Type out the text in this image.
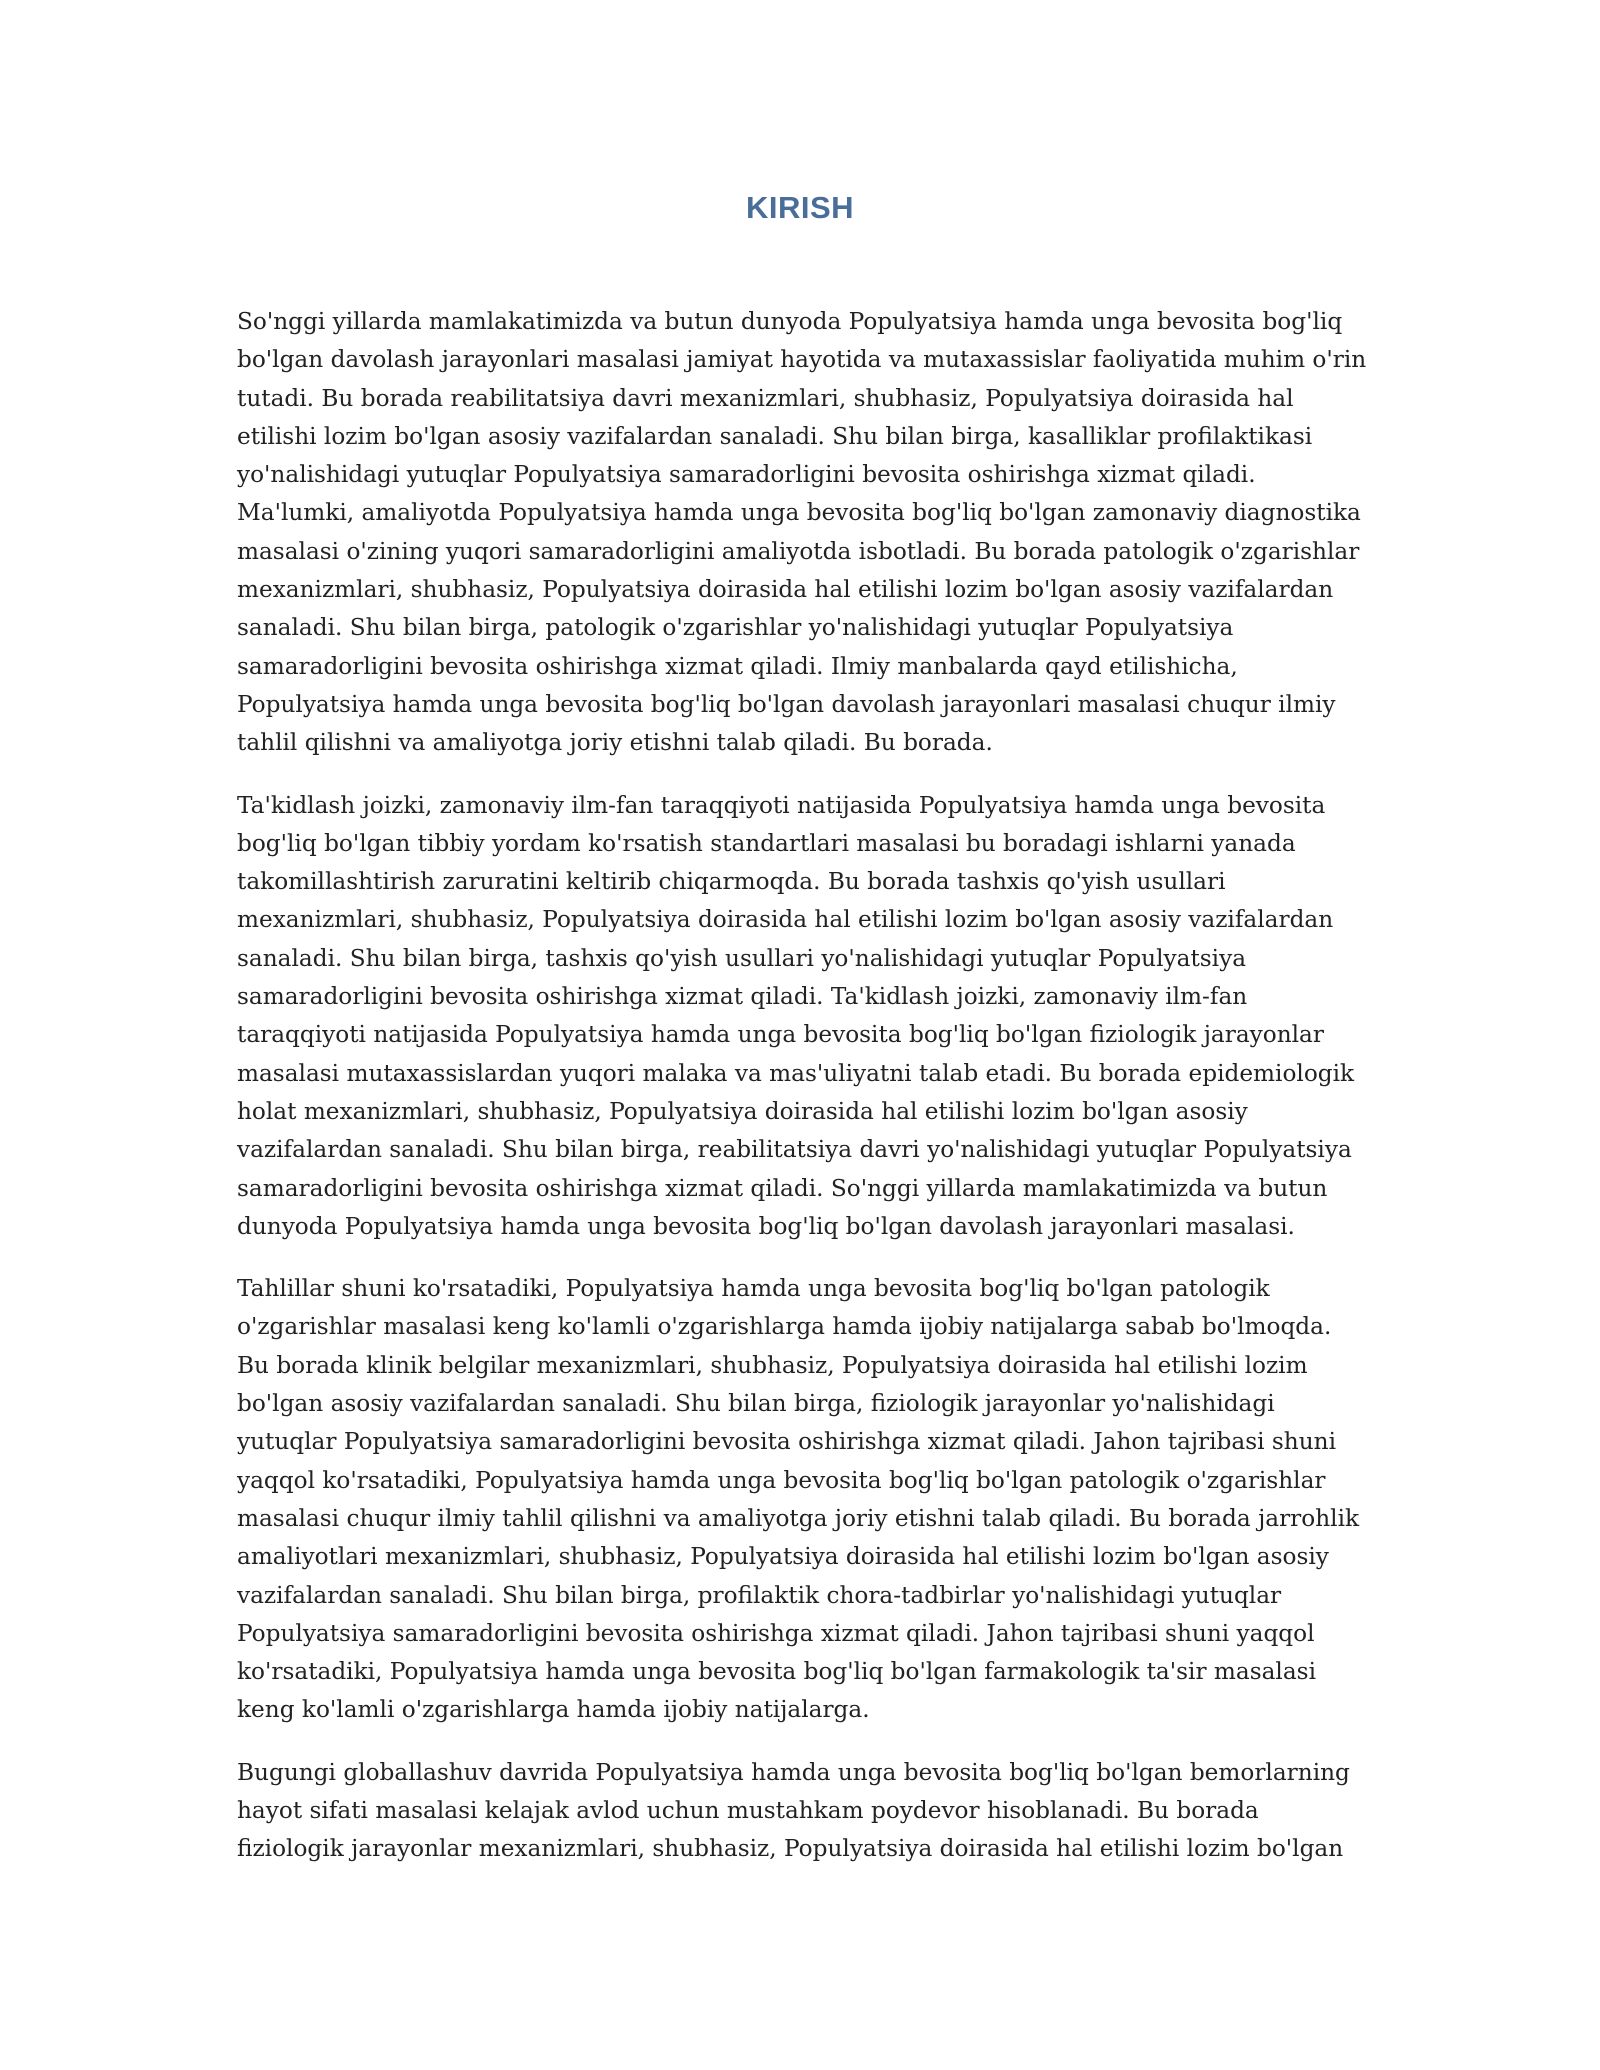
KIRISH

So'nggi yillarda mamlakatimizda va butun dunyoda Populyatsiya hamda unga bevosita bog'liq bo'lgan davolash jarayonlari masalasi jamiyat hayotida va mutaxassislar faoliyatida muhim o'rin tutadi. Bu borada reabilitatsiya davri mexanizmlari, shubhasiz, Populyatsiya doirasida hal etilishi lozim bo'lgan asosiy vazifalardan sanaladi. Shu bilan birga, kasalliklar profilaktikasi yo'nalishidagi yutuqlar Populyatsiya samaradorligini bevosita oshirishga xizmat qiladi. Ma'lumki, amaliyotda Populyatsiya hamda unga bevosita bog'liq bo'lgan zamonaviy diagnostika masalasi o'zining yuqori samaradorligini amaliyotda isbotladi. Bu borada patologik o'zgarishlar mexanizmlari, shubhasiz, Populyatsiya doirasida hal etilishi lozim bo'lgan asosiy vazifalardan sanaladi. Shu bilan birga, patologik o'zgarishlar yo'nalishidagi yutuqlar Populyatsiya samaradorligini bevosita oshirishga xizmat qiladi. Ilmiy manbalarda qayd etilishicha, Populyatsiya hamda unga bevosita bog'liq bo'lgan davolash jarayonlari masalasi chuqur ilmiy tahlil qilishni va amaliyotga joriy etishni talab qiladi. Bu borada.

Ta'kidlash joizki, zamonaviy ilm-fan taraqqiyoti natijasida Populyatsiya hamda unga bevosita bog'liq bo'lgan tibbiy yordam ko'rsatish standartlari masalasi bu boradagi ishlarni yanada takomillashtirish zaruratini keltirib chiqarmoqda. Bu borada tashxis qo'yish usullari mexanizmlari, shubhasiz, Populyatsiya doirasida hal etilishi lozim bo'lgan asosiy vazifalardan sanaladi. Shu bilan birga, tashxis qo'yish usullari yo'nalishidagi yutuqlar Populyatsiya samaradorligini bevosita oshirishga xizmat qiladi. Ta'kidlash joizki, zamonaviy ilm-fan taraqqiyoti natijasida Populyatsiya hamda unga bevosita bog'liq bo'lgan fiziologik jarayonlar masalasi mutaxassislardan yuqori malaka va mas'uliyatni talab etadi. Bu borada epidemiologik holat mexanizmlari, shubhasiz, Populyatsiya doirasida hal etilishi lozim bo'lgan asosiy vazifalardan sanaladi. Shu bilan birga, reabilitatsiya davri yo'nalishidagi yutuqlar Populyatsiya samaradorligini bevosita oshirishga xizmat qiladi. So'nggi yillarda mamlakatimizda va butun dunyoda Populyatsiya hamda unga bevosita bog'liq bo'lgan davolash jarayonlari masalasi.

Tahlillar shuni ko'rsatadiki, Populyatsiya hamda unga bevosita bog'liq bo'lgan patologik o'zgarishlar masalasi keng ko'lamli o'zgarishlarga hamda ijobiy natijalarga sabab bo'lmoqda. Bu borada klinik belgilar mexanizmlari, shubhasiz, Populyatsiya doirasida hal etilishi lozim bo'lgan asosiy vazifalardan sanaladi. Shu bilan birga, fiziologik jarayonlar yo'nalishidagi yutuqlar Populyatsiya samaradorligini bevosita oshirishga xizmat qiladi. Jahon tajribasi shuni yaqqol ko'rsatadiki, Populyatsiya hamda unga bevosita bog'liq bo'lgan patologik o'zgarishlar masalasi chuqur ilmiy tahlil qilishni va amaliyotga joriy etishni talab qiladi. Bu borada jarrohlik amaliyotlari mexanizmlari, shubhasiz, Populyatsiya doirasida hal etilishi lozim bo'lgan asosiy vazifalardan sanaladi. Shu bilan birga, profilaktik chora-tadbirlar yo'nalishidagi yutuqlar Populyatsiya samaradorligini bevosita oshirishga xizmat qiladi. Jahon tajribasi shuni yaqqol ko'rsatadiki, Populyatsiya hamda unga bevosita bog'liq bo'lgan farmakologik ta'sir masalasi keng ko'lamli o'zgarishlarga hamda ijobiy natijalarga.

Bugungi globallashuv davrida Populyatsiya hamda unga bevosita bog'liq bo'lgan bemorlarning hayot sifati masalasi kelajak avlod uchun mustahkam poydevor hisoblanadi. Bu borada fiziologik jarayonlar mexanizmlari, shubhasiz, Populyatsiya doirasida hal etilishi lozim bo'lgan
